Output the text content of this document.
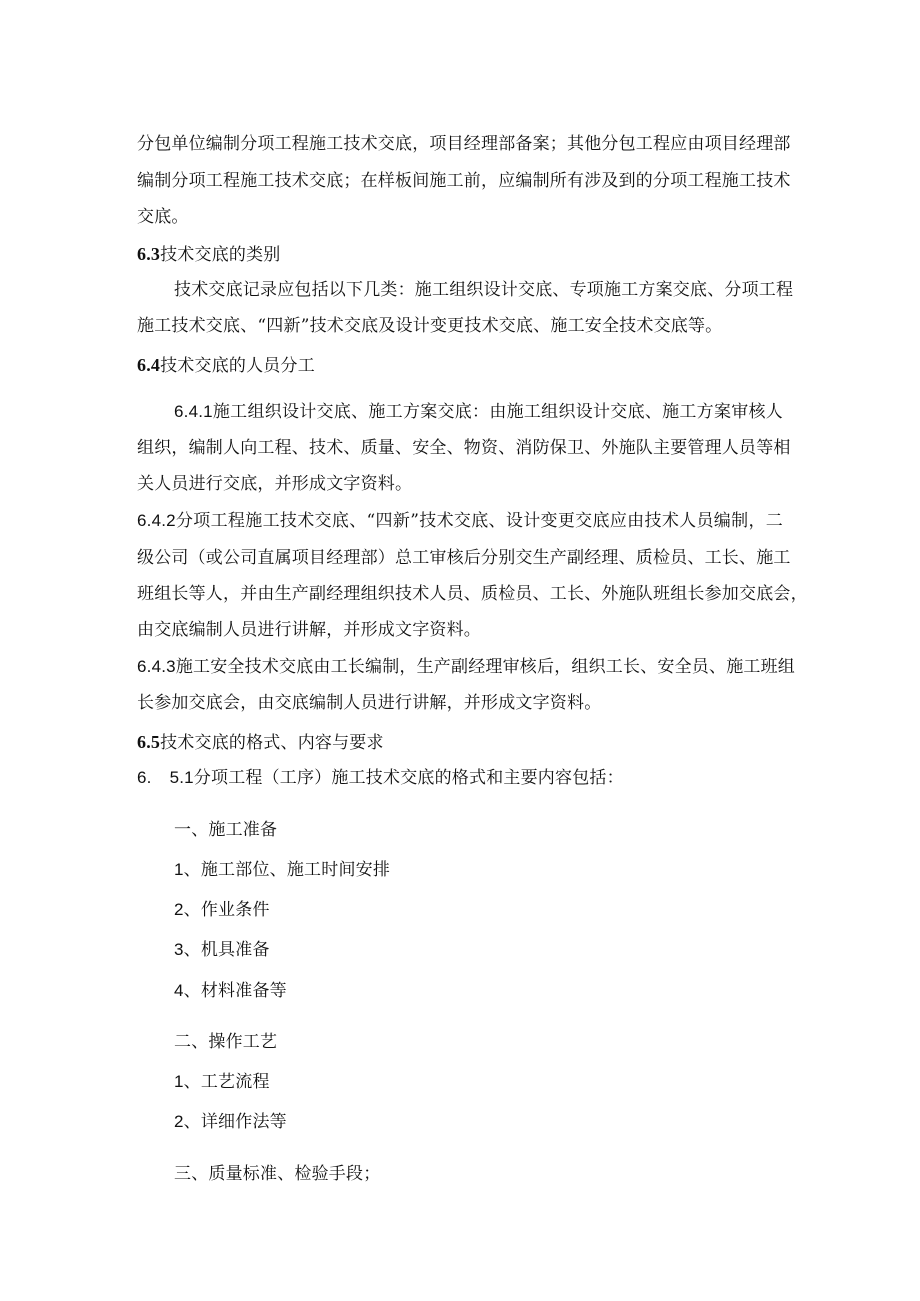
分包单位编制分项工程施工技术交底，项目经理部备案；其他分包工程应由项目经理部
编制分项工程施工技术交底；在样板间施工前，应编制所有涉及到的分项工程施工技术
交底。
6.3技术交底的类别
技术交底记录应包括以下几类：施工组织设计交底、专项施工方案交底、分项工程
施工技术交底、“四新”技术交底及设计变更技术交底、施工安全技术交底等。
6.4技术交底的人员分工
6.4.1施工组织设计交底、施工方案交底：由施工组织设计交底、施工方案审核人
组织，编制人向工程、技术、质量、安全、物资、消防保卫、外施队主要管理人员等相
关人员进行交底，并形成文字资料。
6.4.2分项工程施工技术交底、“四新”技术交底、设计变更交底应由技术人员编制，二
级公司（或公司直属项目经理部）总工审核后分别交生产副经理、质检员、工长、施工
班组长等人，并由生产副经理组织技术人员、质检员、工长、外施队班组长参加交底会，
由交底编制人员进行讲解，并形成文字资料。
6.4.3施工安全技术交底由工长编制，生产副经理审核后，组织工长、安全员、施工班组
长参加交底会，由交底编制人员进行讲解，并形成文字资料。
6.5技术交底的格式、内容与要求
6. 5.1分项工程（工序）施工技术交底的格式和主要内容包括：
一、施工准备
1、施工部位、施工时间安排
2、作业条件
3、机具准备
4、材料准备等
二、操作工艺
1、工艺流程
2、详细作法等
三、质量标准、检验手段；
